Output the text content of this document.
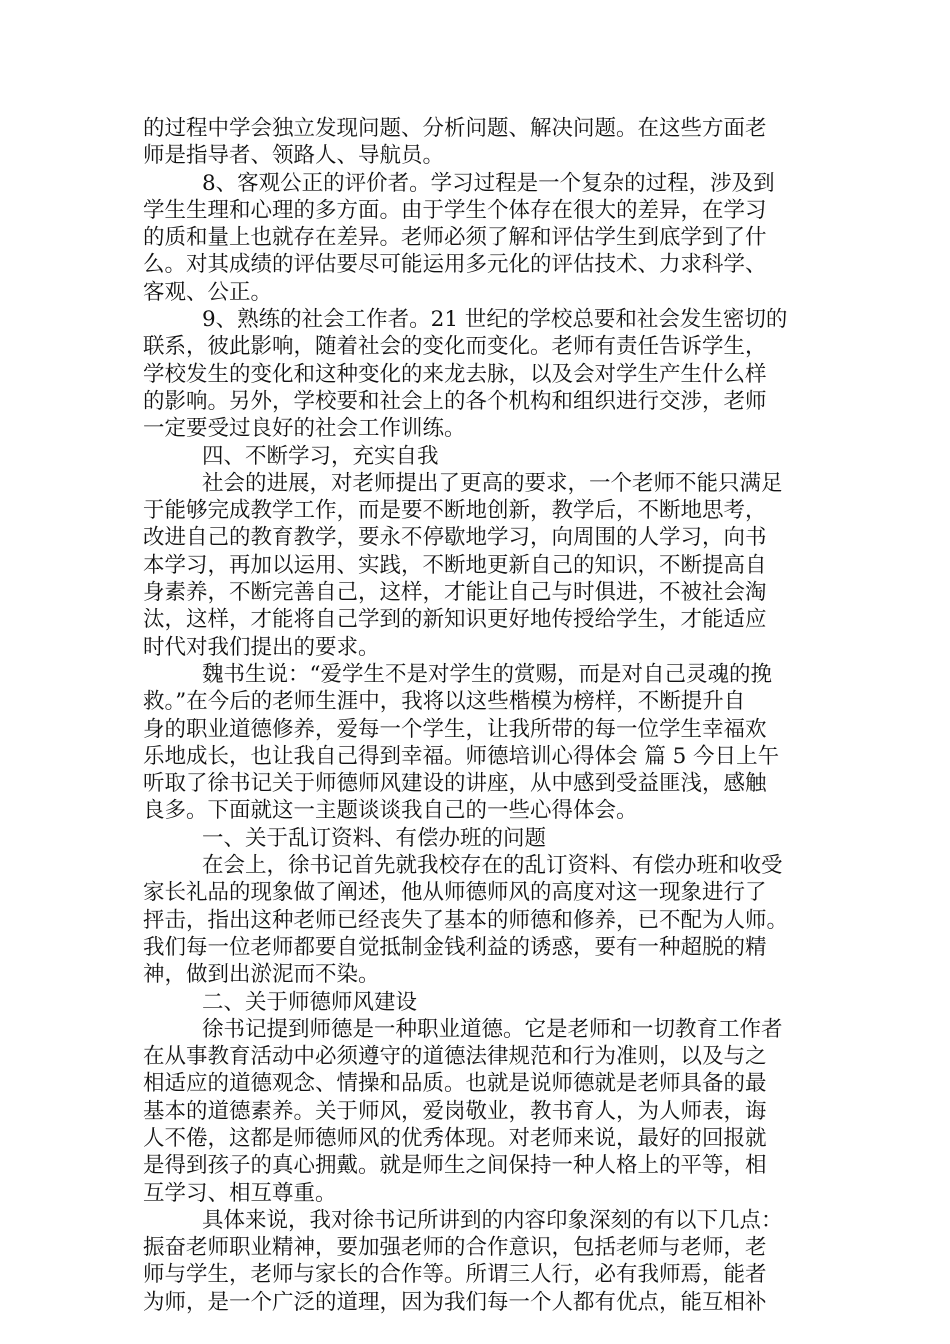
的过程中学会独立发现问题、分析问题、解决问题。在这些方面老
师是指导者、领路人、导航员。
8、客观公正的评价者。学习过程是一个复杂的过程，涉及到
学生生理和心理的多方面。由于学生个体存在很大的差异，在学习
的质和量上也就存在差异。老师必须了解和评估学生到底学到了什
么。对其成绩的评估要尽可能运用多元化的评估技术、力求科学、
客观、公正。
9、熟练的社会工作者。21 世纪的学校总要和社会发生密切的
联系，彼此影响，随着社会的变化而变化。老师有责任告诉学生，
学校发生的变化和这种变化的来龙去脉，以及会对学生产生什么样
的影响。另外，学校要和社会上的各个机构和组织进行交涉，老师
一定要受过良好的社会工作训练。
四、不断学习，充实自我
社会的进展，对老师提出了更高的要求，一个老师不能只满足
于能够完成教学工作，而是要不断地创新，教学后，不断地思考，
改进自己的教育教学，要永不停歇地学习，向周围的人学习，向书
本学习，再加以运用、实践，不断地更新自己的知识，不断提高自
身素养，不断完善自己，这样，才能让自己与时俱进，不被社会淘
汰，这样，才能将自己学到的新知识更好地传授给学生，才能适应
时代对我们提出的要求。
魏书生说：“爱学生不是对学生的赏赐，而是对自己灵魂的挽
救。”在今后的老师生涯中，我将以这些楷模为榜样，不断提升自
身的职业道德修养，爱每一个学生，让我所带的每一位学生幸福欢
乐地成长，也让我自己得到幸福。师德培训心得体会 篇 5 今日上午
听取了徐书记关于师德师风建设的讲座，从中感到受益匪浅，感触
良多。下面就这一主题谈谈我自己的一些心得体会。
一、关于乱订资料、有偿办班的问题
在会上，徐书记首先就我校存在的乱订资料、有偿办班和收受
家长礼品的现象做了阐述，他从师德师风的高度对这一现象进行了
抨击，指出这种老师已经丧失了基本的师德和修养，已不配为人师。
我们每一位老师都要自觉抵制金钱利益的诱惑，要有一种超脱的精
神，做到出淤泥而不染。
二、关于师德师风建设
徐书记提到师德是一种职业道德。它是老师和一切教育工作者
在从事教育活动中必须遵守的道德法律规范和行为准则，以及与之
相适应的道德观念、情操和品质。也就是说师德就是老师具备的最
基本的道德素养。关于师风，爱岗敬业，教书育人，为人师表，诲
人不倦，这都是师德师风的优秀体现。对老师来说，最好的回报就
是得到孩子的真心拥戴。就是师生之间保持一种人格上的平等，相
互学习、相互尊重。
具体来说，我对徐书记所讲到的内容印象深刻的有以下几点：
振奋老师职业精神，要加强老师的合作意识，包括老师与老师，老
师与学生，老师与家长的合作等。所谓三人行，必有我师焉，能者
为师，是一个广泛的道理，因为我们每一个人都有优点，能互相补
